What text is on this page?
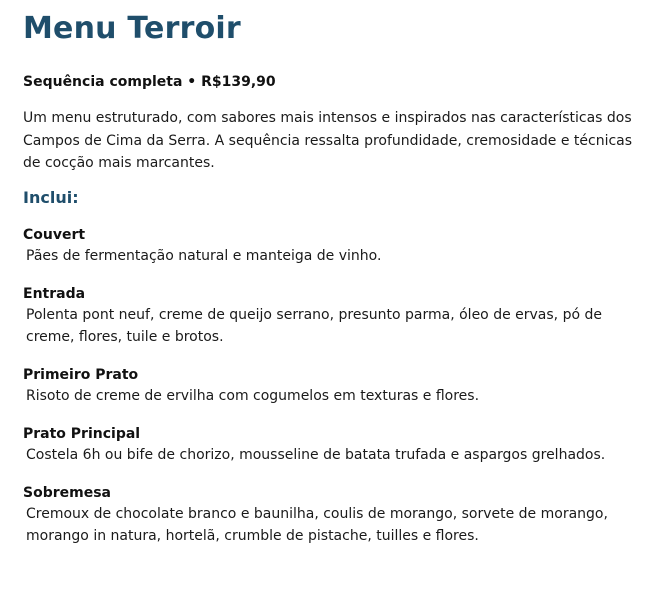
Menu Terroir

Sequência completa • R$139,90

Um menu estruturado, com sabores mais intensos e inspirados nas características dos Campos de Cima da Serra. A sequência ressalta profundidade, cremosidade e técnicas de cocção mais marcantes.

Inclui:
Couvert
Pães de fermentação natural e manteiga de vinho.
Entrada
Polenta pont neuf, creme de queijo serrano, presunto parma, óleo de ervas, pó de creme, flores, tuile e brotos.
Primeiro Prato
Risoto de creme de ervilha com cogumelos em texturas e flores.
Prato Principal
Costela 6h ou bife de chorizo, mousseline de batata trufada e aspargos grelhados.
Sobremesa
Cremoux de chocolate branco e baunilha, coulis de morango, sorvete de morango, morango in natura, hortelã, crumble de pistache, tuilles e flores.
